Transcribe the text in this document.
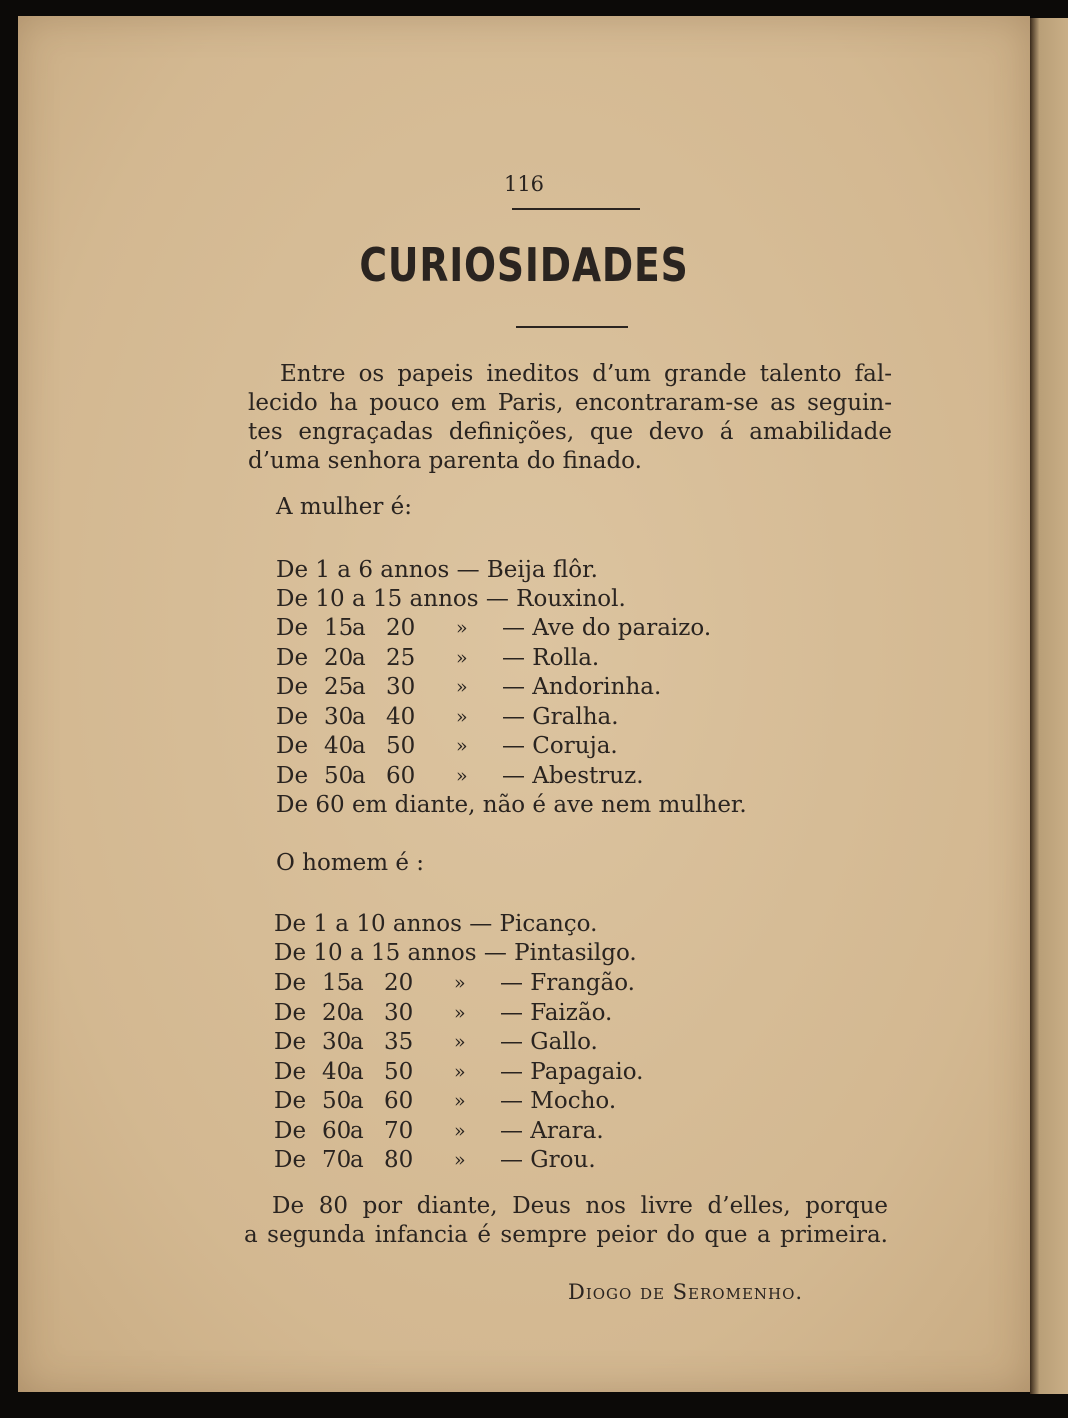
116
CURIOSIDADES
Entre os papeis ineditos d’um grande talento fal-
lecido ha pouco em Paris, encontraram-se as seguin-
tes engraçadas definições, que devo á amabilidade
d’uma senhora parenta do finado.
A mulher é:
De 1 a 6 annos — Beija flôr.
De 10 a 15 annos — Rouxinol.
De 15
a 20 » — Ave do paraizo.
De 20
a 25 » — Rolla.
De 25
a 30 » — Andorinha.
De 30
a 40 » — Gralha.
De 40
a 50 » — Coruja.
De 50
a 60 » — Abestruz.
De 60 em diante, não é ave nem mulher.
O homem é :
De 1 a 10 annos — Picanço.
De 10 a 15 annos — Pintasilgo.
De 15
a 20 » — Frangão.
De 20
a 30 » — Faizão.
De 30
a 35 » — Gallo.
De 40
a 50 » — Papagaio.
De 50
a 60 » — Mocho.
De 60
a 70 » — Arara.
De 70
a 80 » — Grou.
De 80 por diante, Deus nos livre d’elles, porque
a segunda infancia é sempre peior do que a primeira.
Diogo de Seromenho.
